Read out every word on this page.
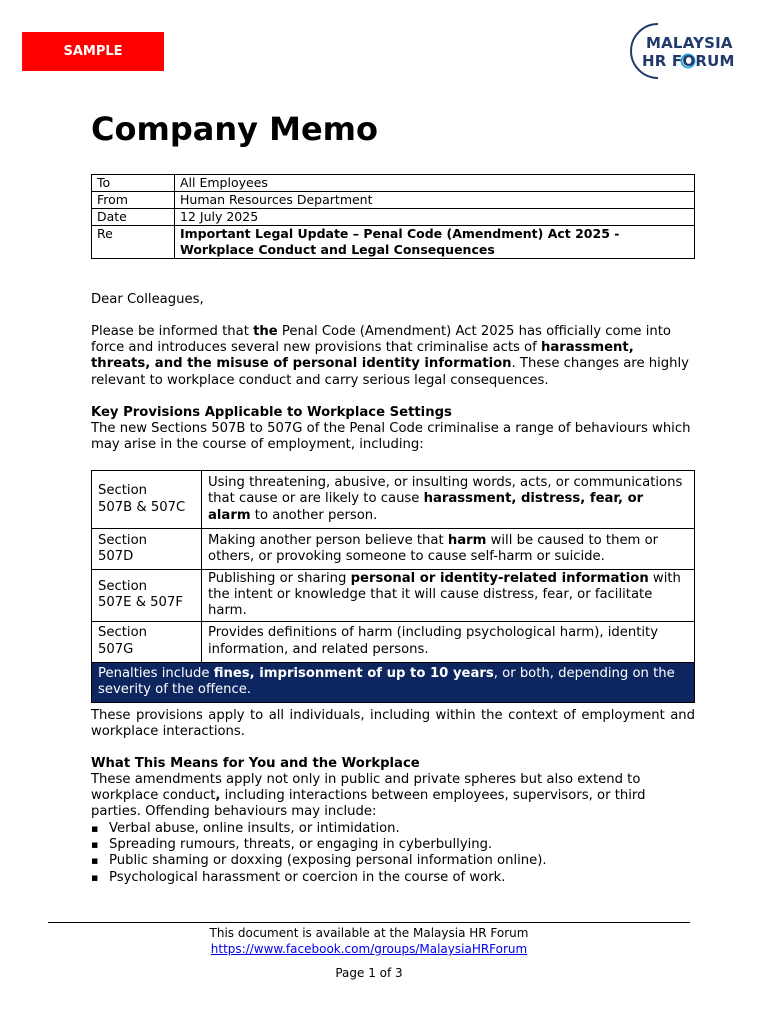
SAMPLE	MALAYSIA
HR FORUM
Company Memo
To	All Employees
From	Human Resources Department
Date	12 July 2025
Re	Important Legal Update – Penal Code (Amendment) Act 2025 -
Workplace Conduct and Legal Consequences
Dear Colleagues,
Please be informed that the Penal Code (Amendment) Act 2025 has officially come into force and introduces several new provisions that criminalise acts of harassment, threats, and the misuse of personal identity information. These changes are highly relevant to workplace conduct and carry serious legal consequences.
Key Provisions Applicable to Workplace Settings
The new Sections 507B to 507G of the Penal Code criminalise a range of behaviours which may arise in the course of employment, including:
Section
507B & 507C	Using threatening, abusive, or insulting words, acts, or communications that cause or are likely to cause harassment, distress, fear, or alarm to another person.

Section
507D	Making another person believe that harm will be caused to them or others, or provoking someone to cause self-harm or suicide.

Section
507E & 507F	Publishing or sharing personal or identity-related information with the intent or knowledge that it will cause distress, fear, or facilitate harm.

Section
507G	Provides definitions of harm (including psychological harm), identity information, and related persons.
Penalties include fines, imprisonment of up to 10 years, or both, depending on the severity of the offence.	
These provisions apply to all individuals, including within the context of employment and workplace interactions.
What This Means for You and the Workplace
These amendments apply not only in public and private spheres but also extend to workplace conduct, including interactions between employees, supervisors, or third parties. Offending behaviours may include:
▪ Verbal abuse, online insults, or intimidation.
▪ Spreading rumours, threats, or engaging in cyberbullying.
▪ Public shaming or doxxing (exposing personal information online).
▪ Psychological harassment or coercion in the course of work.
This document is available at the Malaysia HR Forum
https://www.facebook.com/groups/MalaysiaHRForum
Page 1 of 3
